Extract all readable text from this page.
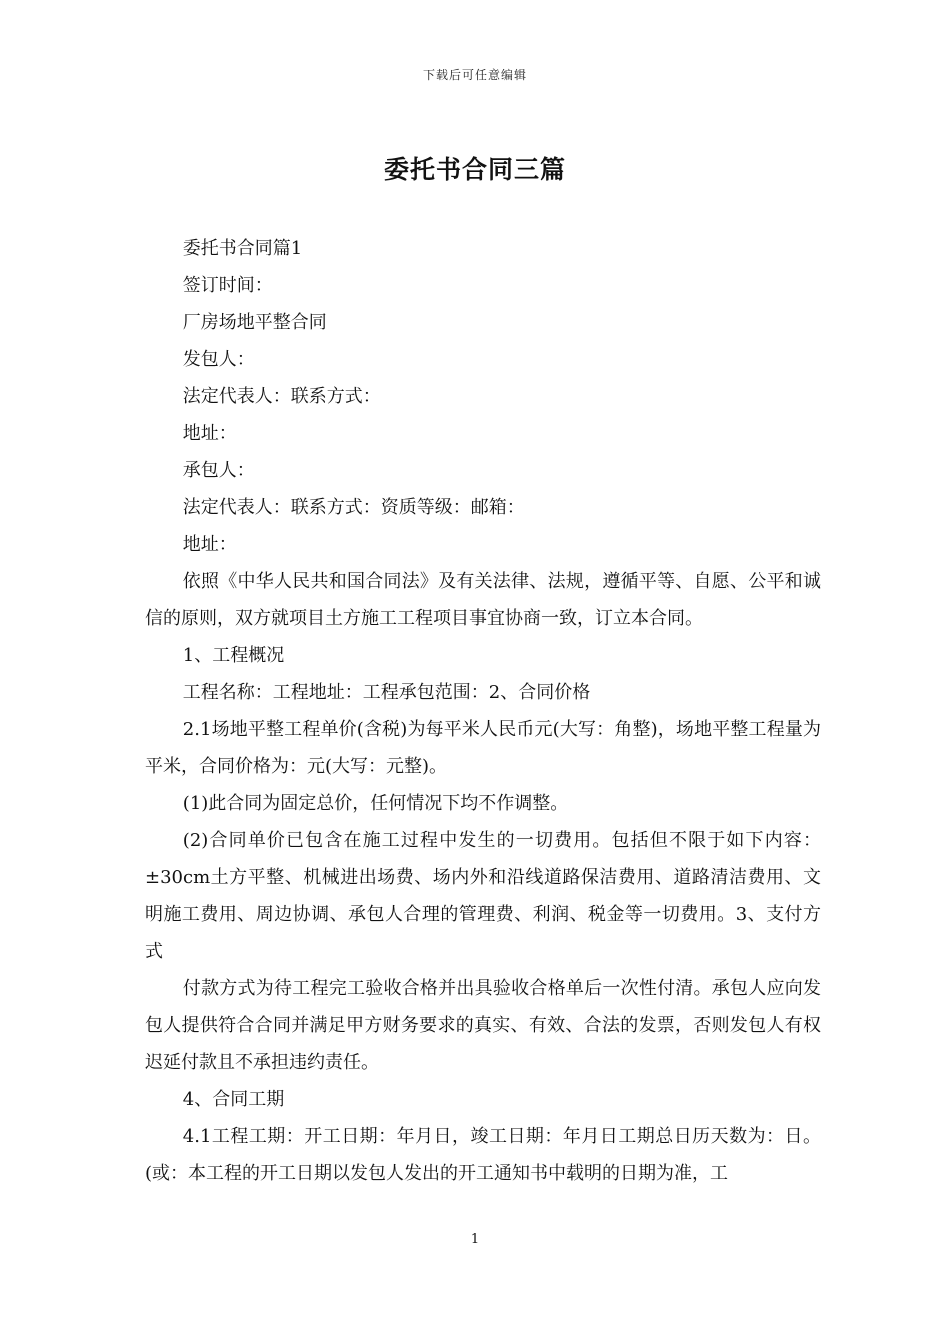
下载后可任意编辑
委托书合同三篇

委托书合同篇1

签订时间：

厂房场地平整合同

发包人：

法定代表人：联系方式：

地址：

承包人：

法定代表人：联系方式：资质等级：邮箱：

地址：

依照《中华人民共和国合同法》及有关法律、法规，遵循平等、自愿、公平和诚信的原则，双方就项目土方施工工程项目事宜协商一致，订立本合同。

1、工程概况

工程名称：工程地址：工程承包范围：2、合同价格

2.1场地平整工程单价(含税)为每平米人民币元(大写：角整)，场地平整工程量为平米，合同价格为：元(大写：元整)。

(1)此合同为固定总价，任何情况下均不作调整。

(2)合同单价已包含在施工过程中发生的一切费用。包括但不限于如下内容：±30cm土方平整、机械进出场费、场内外和沿线道路保洁费用、道路清洁费用、文明施工费用、周边协调、承包人合理的管理费、利润、税金等一切费用。3、支付方式

付款方式为待工程完工验收合格并出具验收合格单后一次性付清。承包人应向发包人提供符合合同并满足甲方财务要求的真实、有效、合法的发票，否则发包人有权迟延付款且不承担违约责任。

4、合同工期

4.1工程工期：开工日期：年月日，竣工日期：年月日工期总日历天数为：日。(或：本工程的开工日期以发包人发出的开工通知书中载明的日期为准，工

1
